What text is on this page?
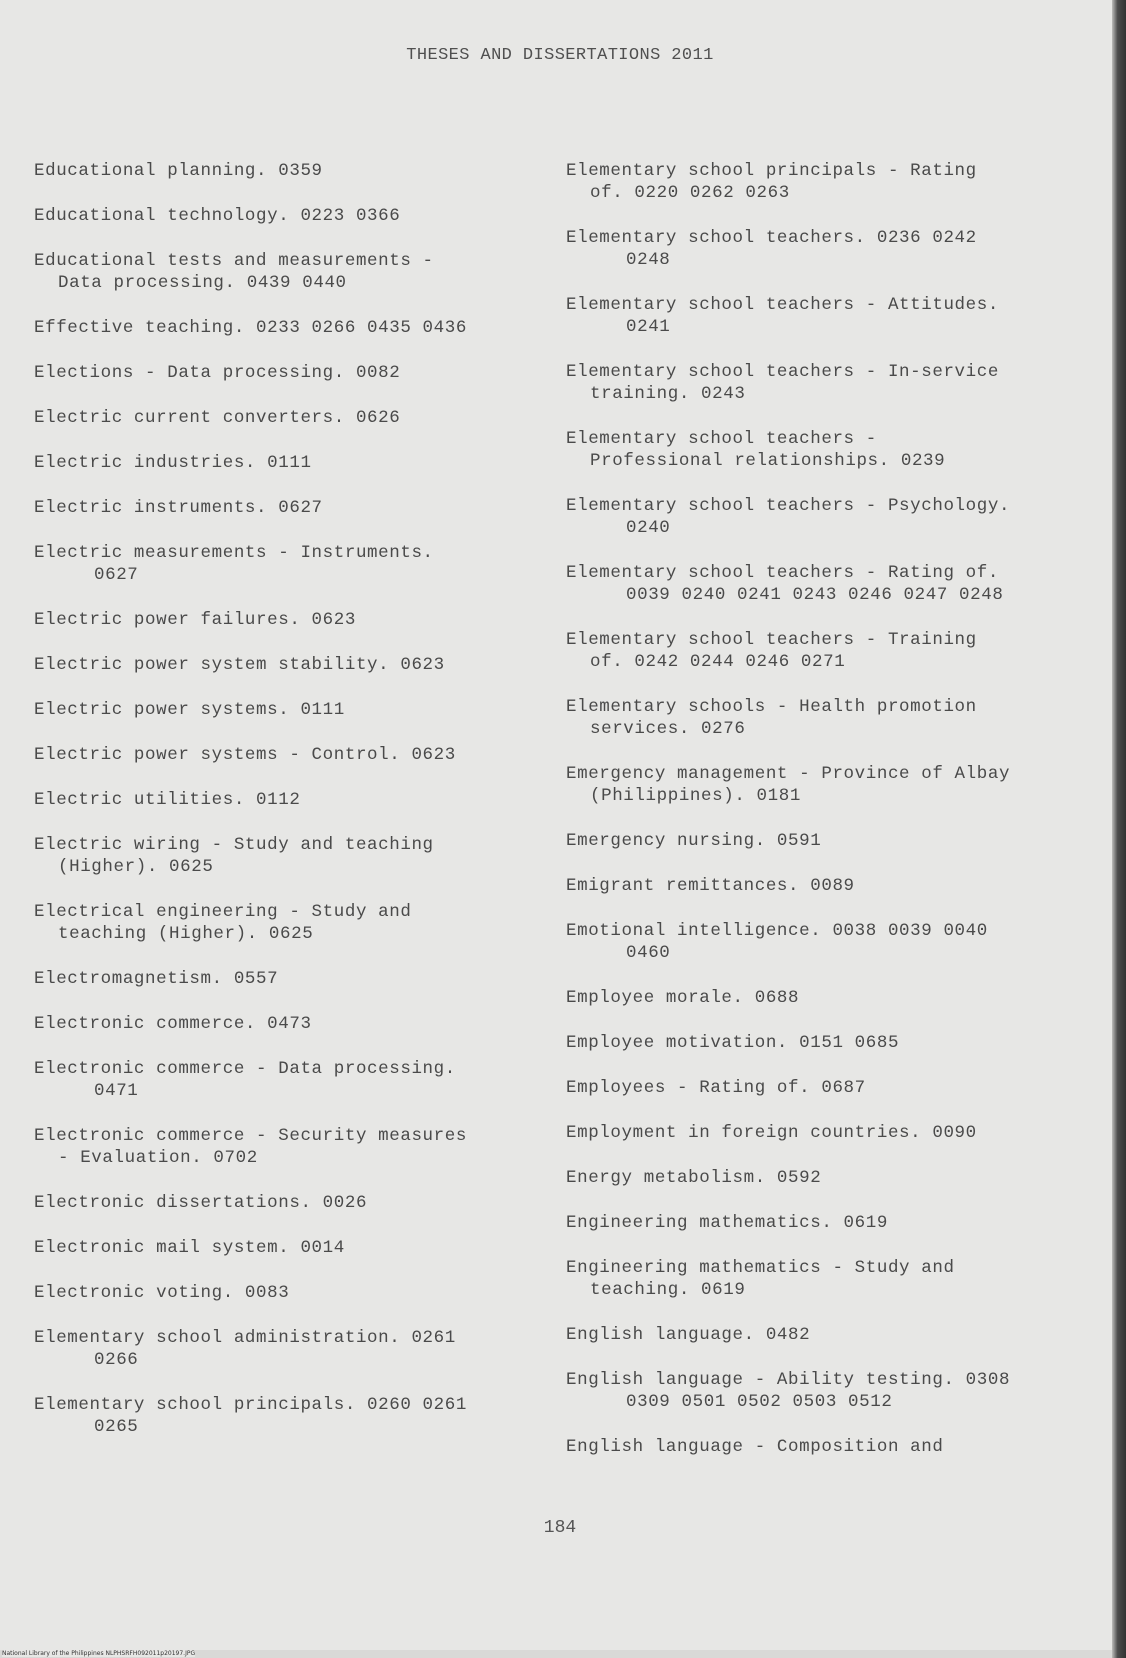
THESES AND DISSERTATIONS 2011
Educational planning. 0359
Educational technology. 0223 0366
Educational tests and measurements -
Data processing. 0439 0440
Effective teaching. 0233 0266 0435 0436
Elections - Data processing. 0082
Electric current converters. 0626
Electric industries. 0111
Electric instruments. 0627
Electric measurements - Instruments.
0627
Electric power failures. 0623
Electric power system stability. 0623
Electric power systems. 0111
Electric power systems - Control. 0623
Electric utilities. 0112
Electric wiring - Study and teaching
(Higher). 0625
Electrical engineering - Study and
teaching (Higher). 0625
Electromagnetism. 0557
Electronic commerce. 0473
Electronic commerce - Data processing.
0471
Electronic commerce - Security measures
- Evaluation. 0702
Electronic dissertations. 0026
Electronic mail system. 0014
Electronic voting. 0083
Elementary school administration. 0261
0266
Elementary school principals. 0260 0261
0265
Elementary school principals - Rating
of. 0220 0262 0263
Elementary school teachers. 0236 0242
0248
Elementary school teachers - Attitudes.
0241
Elementary school teachers - In-service
training. 0243
Elementary school teachers -
Professional relationships. 0239
Elementary school teachers - Psychology.
0240
Elementary school teachers - Rating of.
0039 0240 0241 0243 0246 0247 0248
Elementary school teachers - Training
of. 0242 0244 0246 0271
Elementary schools - Health promotion
services. 0276
Emergency management - Province of Albay
(Philippines). 0181
Emergency nursing. 0591
Emigrant remittances. 0089
Emotional intelligence. 0038 0039 0040
0460
Employee morale. 0688
Employee motivation. 0151 0685
Employees - Rating of. 0687
Employment in foreign countries. 0090
Energy metabolism. 0592
Engineering mathematics. 0619
Engineering mathematics - Study and
teaching. 0619
English language. 0482
English language - Ability testing. 0308
0309 0501 0502 0503 0512
English language - Composition and
184
National Library of the Philippines NLPHSRFH092011p20197.JPG
